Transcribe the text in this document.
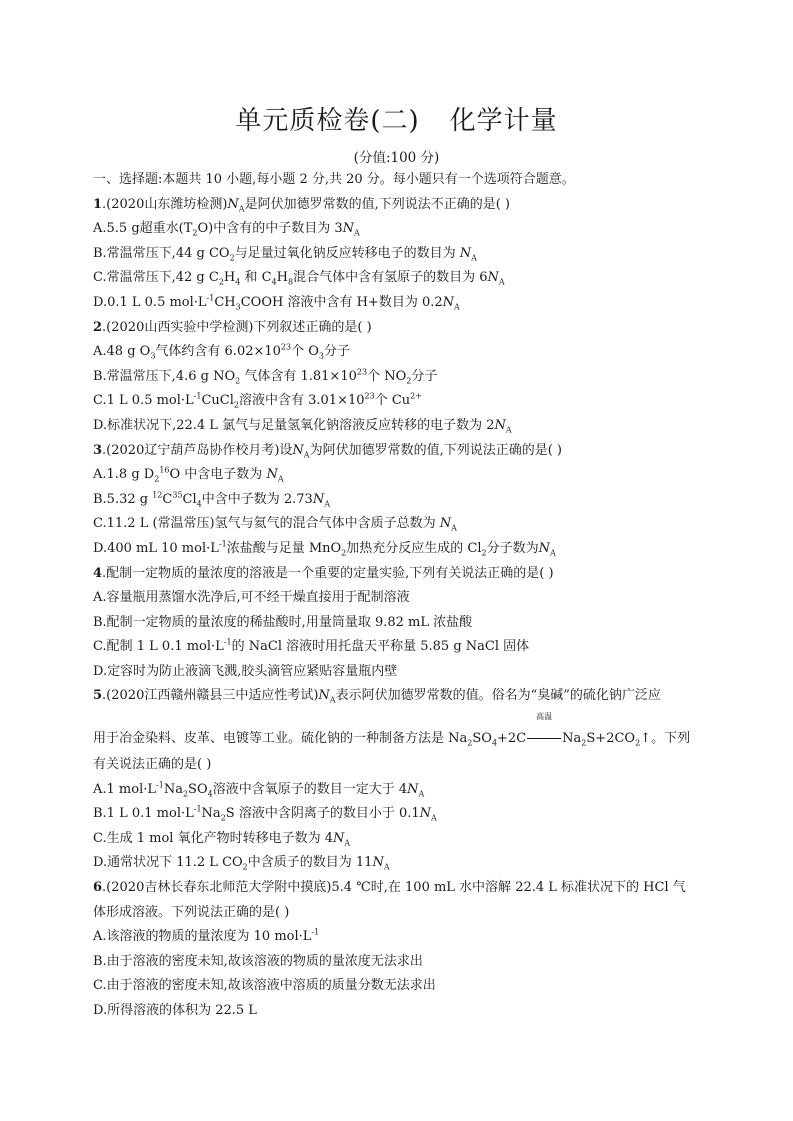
单元质检卷(二) 化学计量
(分值:100 分)
一、选择题:本题共 10 小题,每小题 2 分,共 20 分。每小题只有一个选项符合题意。
1.(2020山东潍坊检测)$N_A$是阿伏加德罗常数的值,下列说法不正确的是( )
A.5.5 g超重水$(T_2O)$中含有的中子数目为 $3N_A$
B.常温常压下,44 g $CO_2$与足量过氧化钠反应转移电子的数目为 $N_A$
C.常温常压下,42 g $C_2H_4$ 和 $C_4H_8$混合气体中含有氢原子的数目为 $6N_A$
D.0.1 L 0.5 $mol\cdot L^{-1}CH_3COOH$ 溶液中含有 H+数目为 $0.2N_A$
2.(2020山西实验中学检测)下列叙述正确的是( )
A.48 g $O_3$气体约含有 $6.02\times 10^{23}$个 $O_3$分子
B.常温常压下,4.6 g $NO_2$ 气体含有 $1.81\times 10^{23}$个 $NO_2$分子
C.1 L 0.5 $mol\cdot L^{-1}CuCl_2$溶液中含有 $3.01\times 10^{23}$个 $Cu^{2+}$
D.标准状况下,22.4 L 氯气与足量氢氧化钠溶液反应转移的电子数为 $2N_A$
3.(2020辽宁葫芦岛协作校月考)设$N_A$为阿伏加德罗常数的值,下列说法正确的是( )
A.1.8 g $D_2^{16}O$ 中含电子数为 $N_A$
B.5.32 g $^{12}C^{35}Cl_4$中含中子数为 $2.73N_A$
C.11.2 L (常温常压)氢气与氦气的混合气体中含质子总数为 $N_A$
D.400 mL 10 $mol\cdot L^{-1}$浓盐酸与足量 MnO$_2$加热充分反应生成的 $Cl_2$分子数为$N_A$
4.配制一定物质的量浓度的溶液是一个重要的定量实验,下列有关说法正确的是( )
A.容量瓶用蒸馏水洗净后,可不经干燥直接用于配制溶液
B.配制一定物质的量浓度的稀盐酸时,用量筒量取 9.82 mL 浓盐酸
C.配制 1 L 0.1 $mol\cdot L^{-1}$的 NaCl 溶液时用托盘天平称量 5.85 g NaCl 固体
D.定容时为防止液滴飞溅,胶头滴管应紧贴容量瓶内壁
5.(2020江西赣州赣县三中适应性考试)$N_A$表示阿伏加德罗常数的值。俗名为“臭碱”的硫化钠广泛应
用于冶金染料、皮革、电镀等工业。硫化钠的一种制备方法是 $Na_2SO_4+2C$
高温
$Na_2S+2CO_2↑$。下列
有关说法正确的是( )
A.1 $mol\cdot L^{-1}Na_2SO_4$溶液中含氧原子的数目一定大于 $4N_A$
B.1 L 0.1 $mol\cdot L^{-1}Na_2S$ 溶液中含阴离子的数目小于 $0.1N_A$
C.生成 1 mol 氧化产物时转移电子数为 $4N_A$
D.通常状况下 11.2 L $CO_2$中含质子的数目为 $11N_A$
6.(2020吉林长春东北师范大学附中摸底)5.4 ℃时,在 100 mL 水中溶解 22.4 L 标准状况下的 HCl 气
体形成溶液。下列说法正确的是( )
A.该溶液的物质的量浓度为 10 $mol\cdot L^{-1}$
B.由于溶液的密度未知,故该溶液的物质的量浓度无法求出
C.由于溶液的密度未知,故该溶液中溶质的质量分数无法求出
D.所得溶液的体积为 22.5 L
